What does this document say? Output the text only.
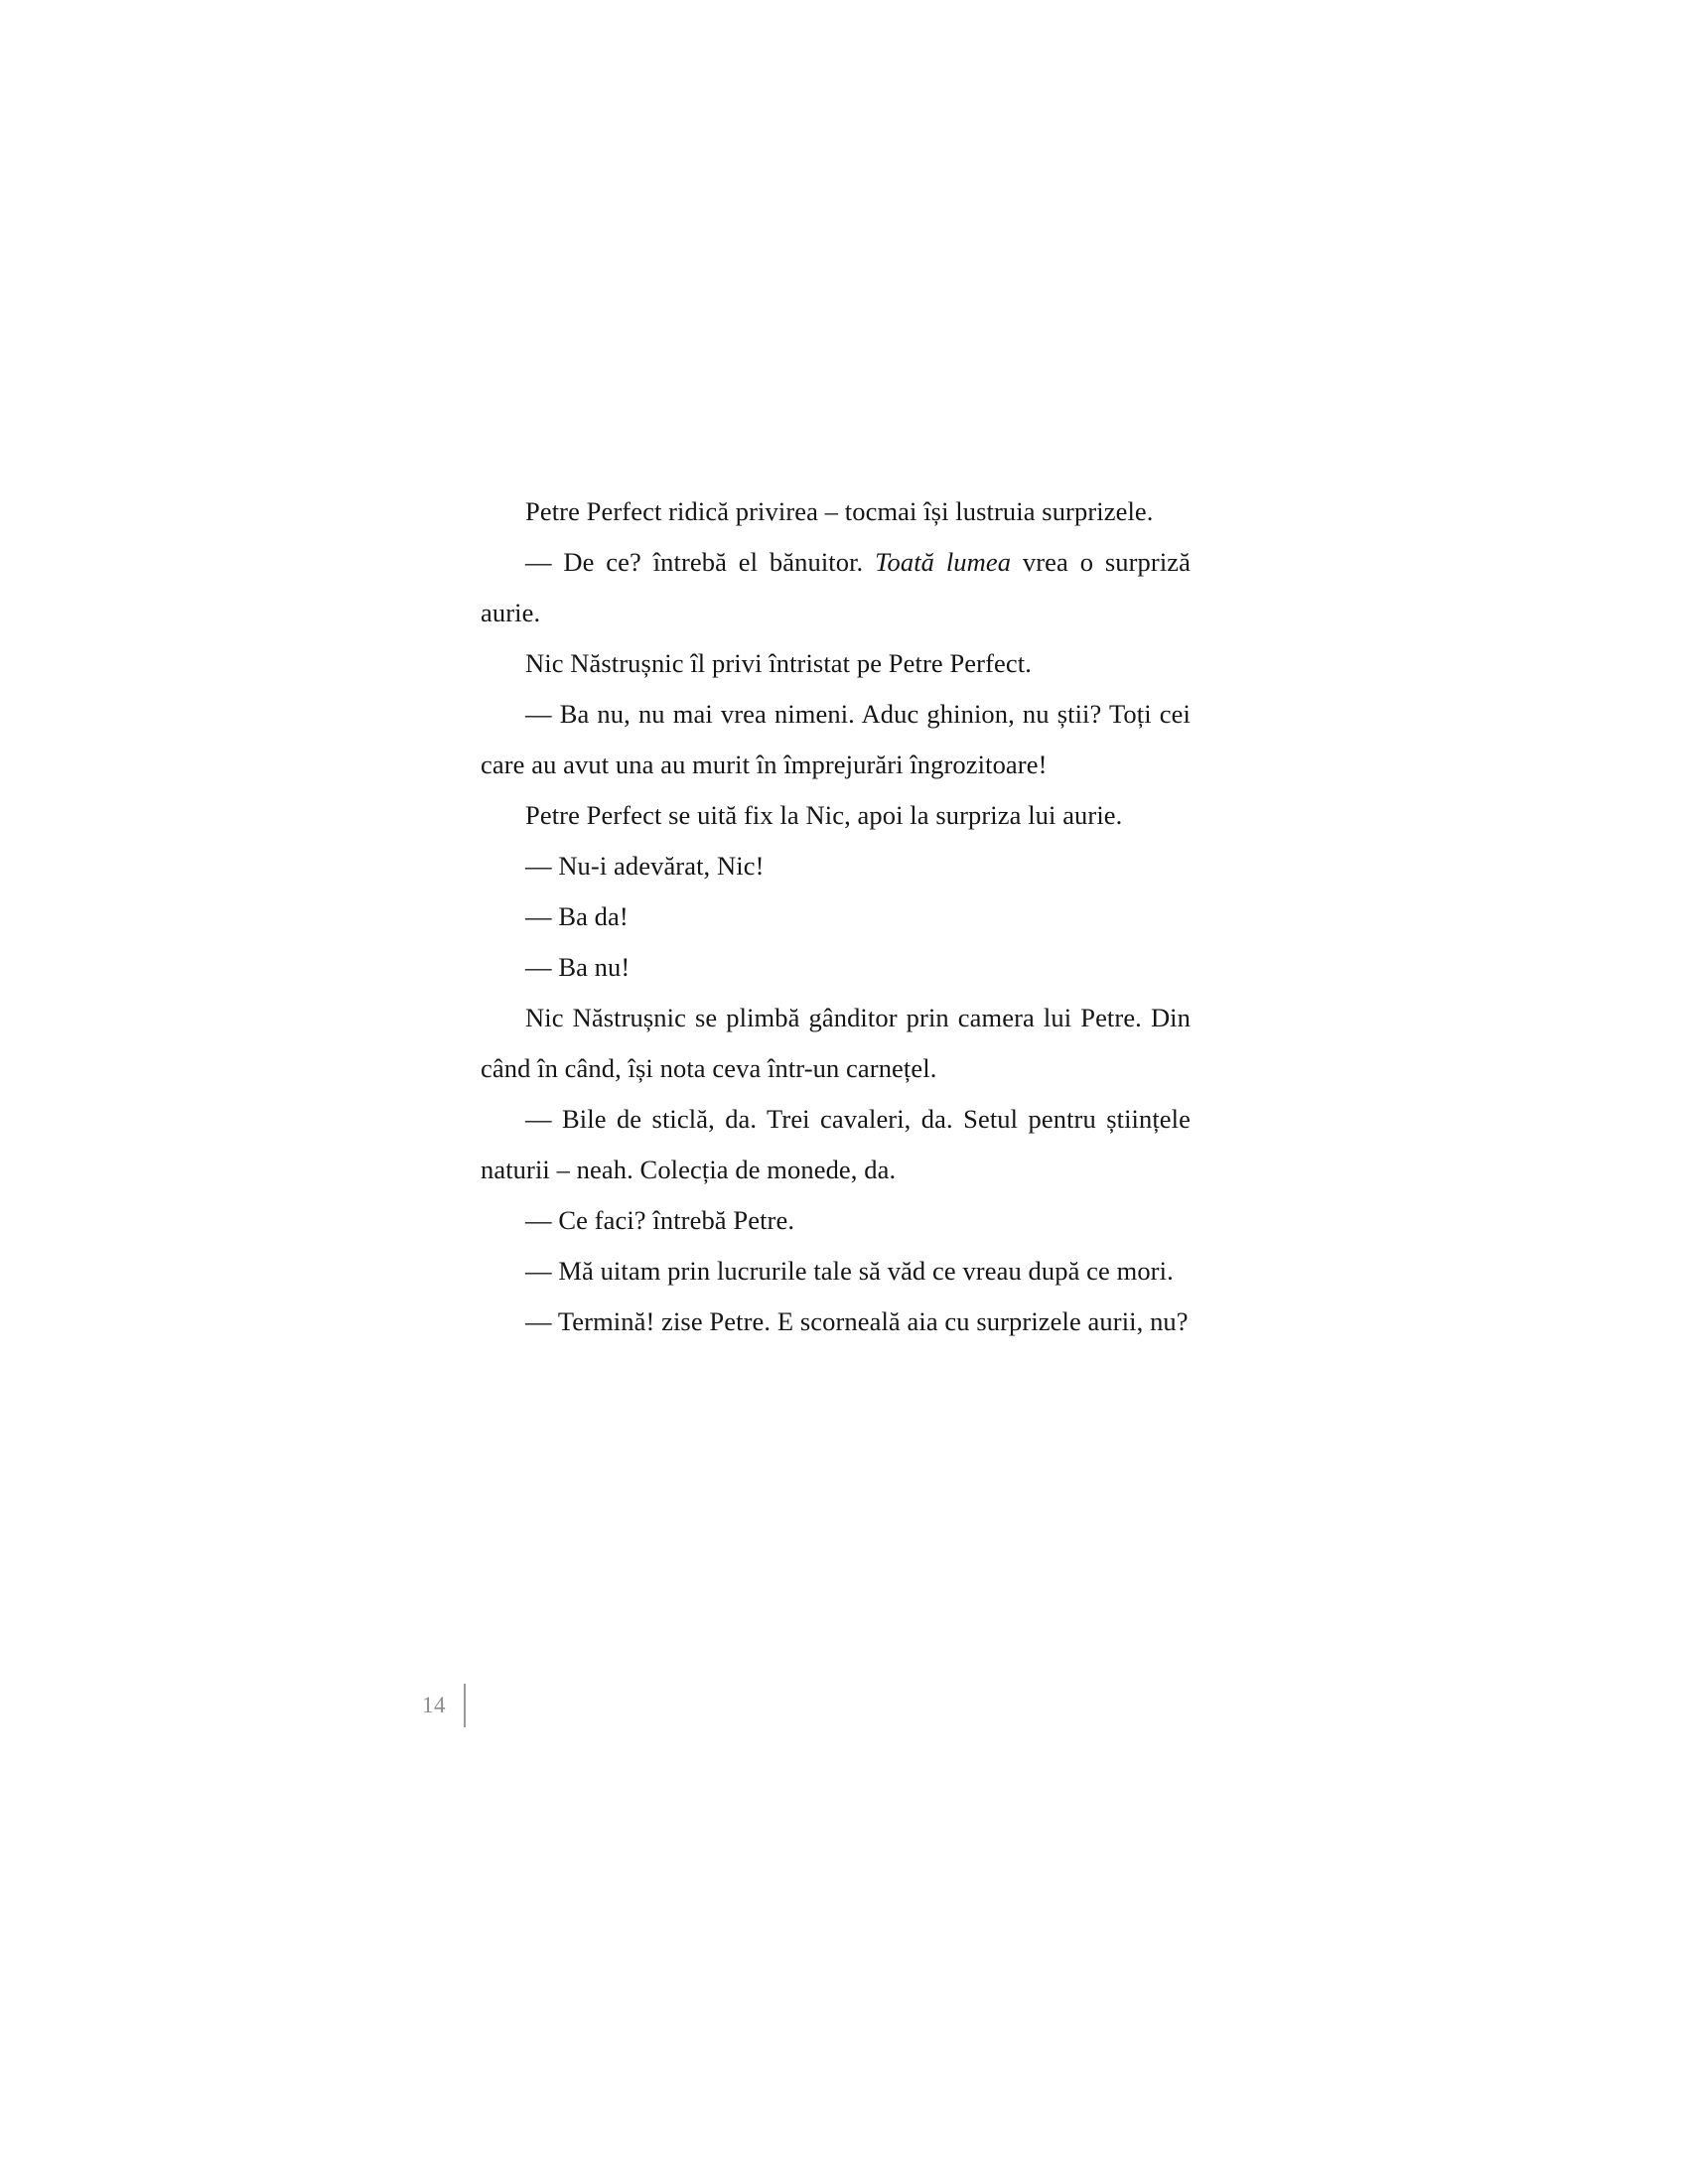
Petre Perfect ridică privirea – tocmai își lustruia surprizele.

— De ce? întrebă el bănuitor. Toată lumea vrea o surpriză aurie.

Nic Năstrușnic îl privi întristat pe Petre Perfect.

— Ba nu, nu mai vrea nimeni. Aduc ghinion, nu știi? Toți cei care au avut una au murit în împrejurări îngrozitoare!

Petre Perfect se uită fix la Nic, apoi la surpriza lui aurie.

— Nu-i adevărat, Nic!

— Ba da!

— Ba nu!

Nic Năstrușnic se plimbă gânditor prin camera lui Petre. Din când în când, își nota ceva într-un carnețel.

— Bile de sticlă, da. Trei cavaleri, da. Setul pentru științele naturii – neah. Colecția de monede, da.

— Ce faci? întrebă Petre.

— Mă uitam prin lucrurile tale să văd ce vreau după ce mori.

— Termină! zise Petre. E scorneală aia cu surprizele aurii, nu?

14
